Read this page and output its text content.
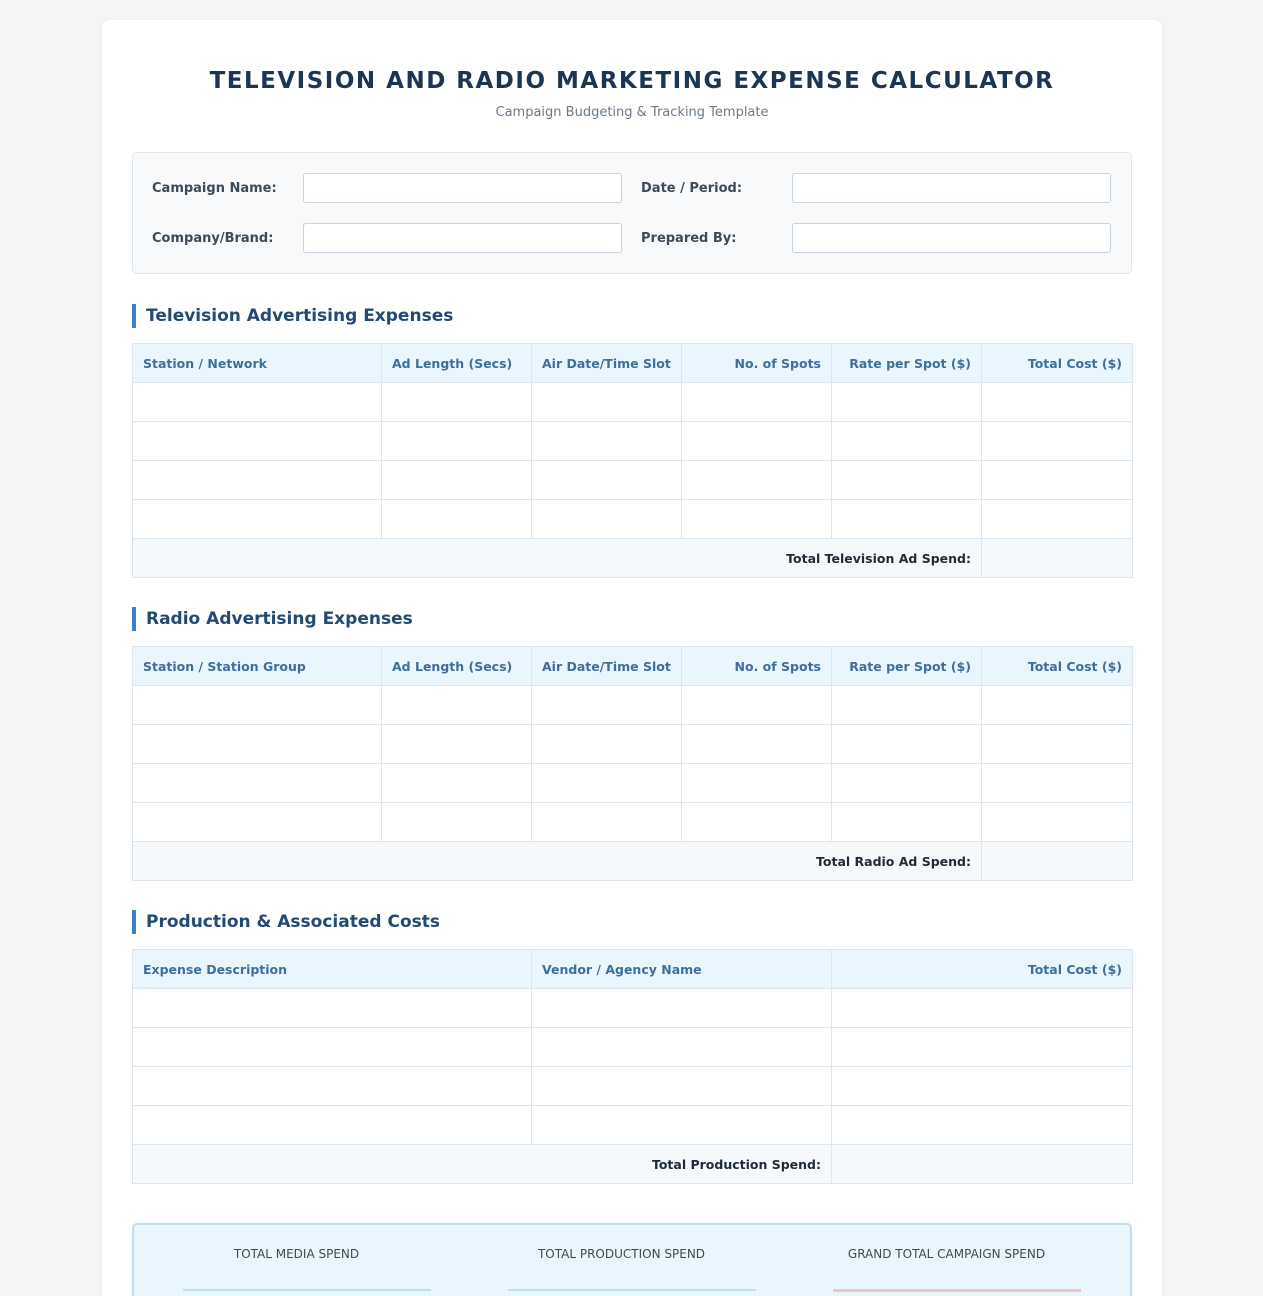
TELEVISION AND RADIO MARKETING EXPENSE CALCULATOR
Campaign Budgeting & Tracking Template
Campaign Name:	Date / Period:
Company/Brand:	Prepared By:
Television Advertising Expenses
Station / Network	Ad Length (Secs)	Air Date/Time Slot	No. of Spots	Rate per Spot ($)	Total Cost ($)

Total Television Ad Spend:					
Radio Advertising Expenses
Station / Station Group	Ad Length (Secs)	Air Date/Time Slot	No. of Spots	Rate per Spot ($)	Total Cost ($)

Total Radio Ad Spend:					
Production & Associated Costs
Expense Description	Vendor / Agency Name	Total Cost ($)

Total Production Spend:		
TOTAL MEDIA SPEND	TOTAL PRODUCTION SPEND	GRAND TOTAL CAMPAIGN SPEND
